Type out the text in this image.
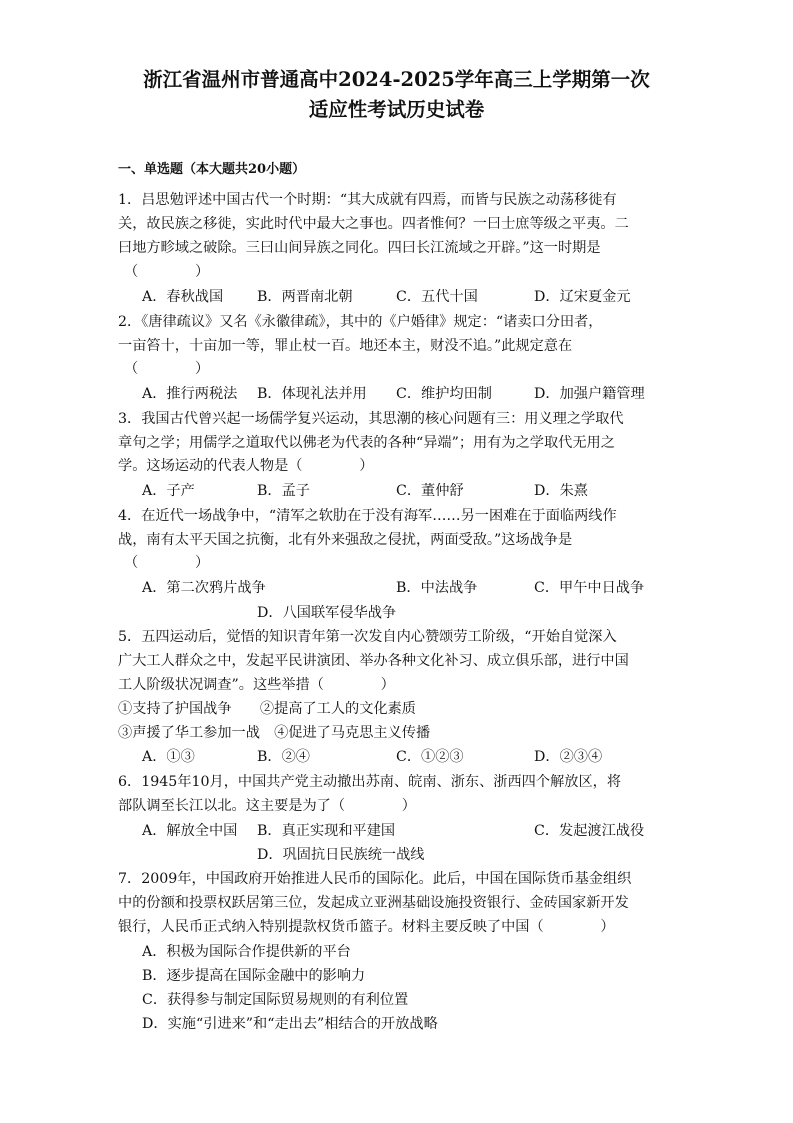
浙江省温州市普通高中2024-2025学年高三上学期第一次
适应性考试历史试卷
一、单选题（本大题共20小题）
1．吕思勉评述中国古代一个时期：“其大成就有四焉，而皆与民族之动荡移徙有
关，故民族之移徙，实此时代中最大之事也。四者惟何？一曰士庶等级之平夷。二
曰地方畛域之破除。三曰山间异族之同化。四曰长江流域之开辟。”这一时期是
（　　　　）
A．春秋战国 B．两晋南北朝	C．五代十国	D．辽宋夏金元
2．《唐律疏议》又名《永徽律疏》，其中的《户婚律》规定：“诸卖口分田者，
一亩笞十，十亩加一等，罪止杖一百。地还本主，财没不追。”此规定意在
（　　　　）
A．推行两税法 B．体现礼法并用 C．维护均田制	D．加强户籍管理
3．我国古代曾兴起一场儒学复兴运动，其思潮的核心问题有三：用义理之学取代
章句之学；用儒学之道取代以佛老为代表的各种“异端”；用有为之学取代无用之
学。这场运动的代表人物是（　　　　）
A．子产	B．孟子	C．董仲舒	D．朱熹
4．在近代一场战争中，“清军之软肋在于没有海军……另一困难在于面临两线作
战，南有太平天国之抗衡，北有外来强敌之侵扰，两面受敌。”这场战争是
（　　　　）
A．第二次鸦片战争	B．中法战争	C．甲午中日战争
D．八国联军侵华战争
5．五四运动后，觉悟的知识青年第一次发自内心赞颂劳工阶级，“开始自觉深入
广大工人群众之中，发起平民讲演团、举办各种文化补习、成立俱乐部，进行中国
工人阶级状况调查”。这些举措（　　　　）
①支持了护国战争　　②提高了工人的文化素质
③声援了华工参加一战　④促进了马克思主义传播
A．①③	B．②④	C．①②③	D．②③④
6．1945年10月，中国共产党主动撤出苏南、皖南、浙东、浙西四个解放区，将
部队调至长江以北。这主要是为了（　　　　）
A．解放全中国 B．真正实现和平建国	C．发起渡江战役
D．巩固抗日民族统一战线
7．2009年，中国政府开始推进人民币的国际化。此后，中国在国际货币基金组织
中的份额和投票权跃居第三位，发起成立亚洲基础设施投资银行、金砖国家新开发
银行，人民币正式纳入特别提款权货币篮子。材料主要反映了中国（　　　　）
A．积极为国际合作提供新的平台
B．逐步提高在国际金融中的影响力
C．获得参与制定国际贸易规则的有利位置
D．实施“引进来”和“走出去”相结合的开放战略
